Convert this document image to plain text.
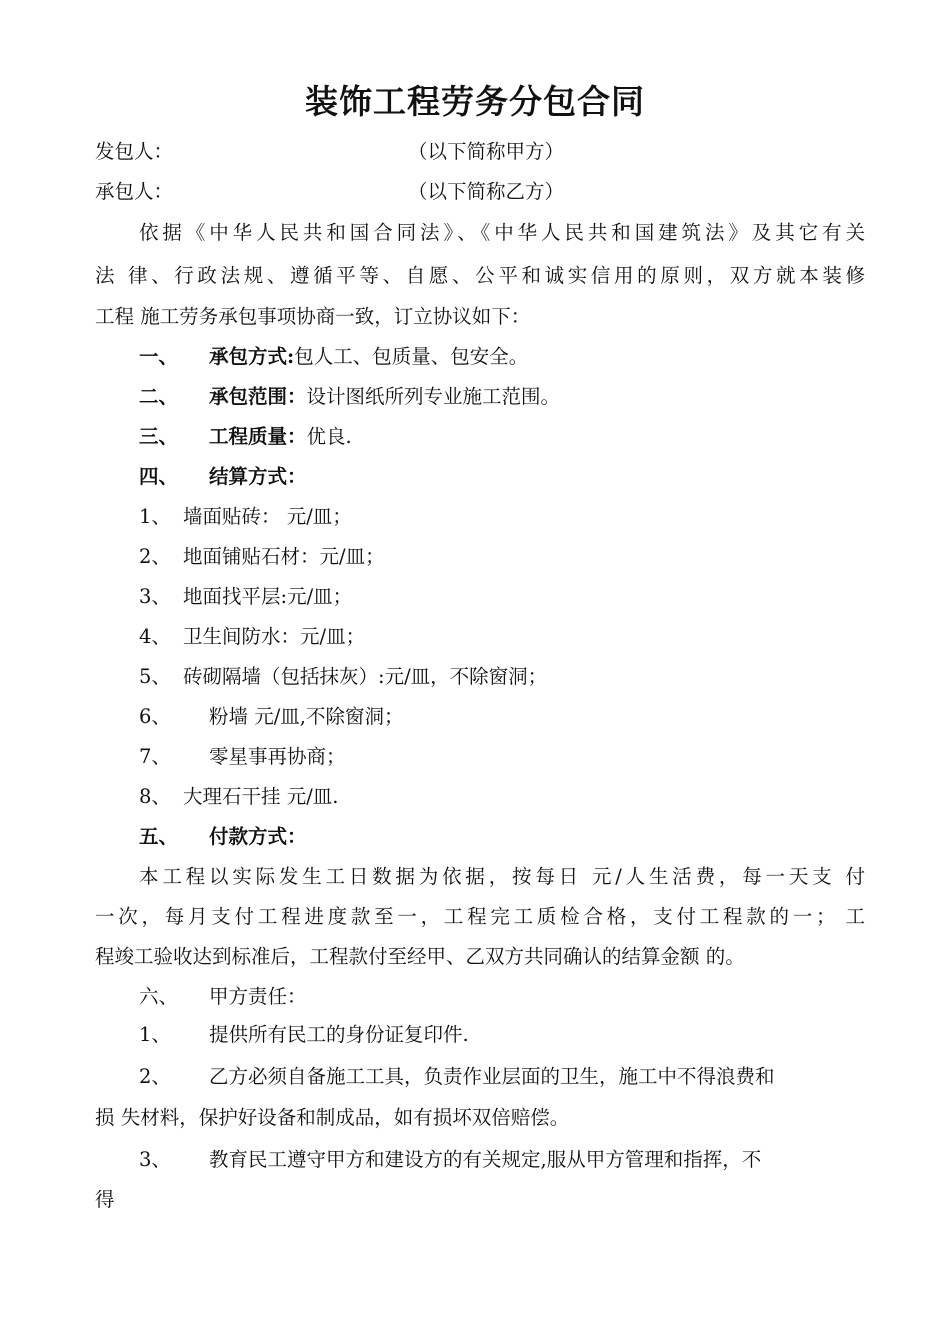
装饰工程劳务分包合同
发包人：	（以下简称甲方）
承包人：	（以下简称乙方）
依据《中华人民共和国合同法》、《中华人民共和国建筑法》及其它有关
法 律、行政法规、遵循平等、自愿、公平和诚实信用的原则，双方就本装修
工程 施工劳务承包事项协商一致，订立协议如下：
一、 承包方式:包人工、包质量、包安全。
二、 承包范围：设计图纸所列专业施工范围。
三、 工程质量：优良.
四、 结算方式：
1、 墙面贴砖： 元/皿；
2、 地面铺贴石材：元/皿；
3、 地面找平层:元/皿；
4、 卫生间防水：元/皿；
5、 砖砌隔墙（包括抹灰）:元/皿，不除窗洞；
6、 粉墙 元/皿,不除窗洞；
7、 零星事再协商；
8、 大理石干挂 元/皿.
五、 付款方式：
本工程以实际发生工日数据为依据，按每日 元/人生活费，每一天支 付
一次，每月支付工程进度款至一，工程完工质检合格，支付工程款的一； 工
程竣工验收达到标准后，工程款付至经甲、乙双方共同确认的结算金额 的。
六、 甲方责任：
1、 提供所有民工的身份证复印件.
2、 乙方必须自备施工工具，负责作业层面的卫生，施工中不得浪费和
损 失材料，保护好设备和制成品，如有损坏双倍赔偿。
3、 教育民工遵守甲方和建设方的有关规定,服从甲方管理和指挥，不
得
